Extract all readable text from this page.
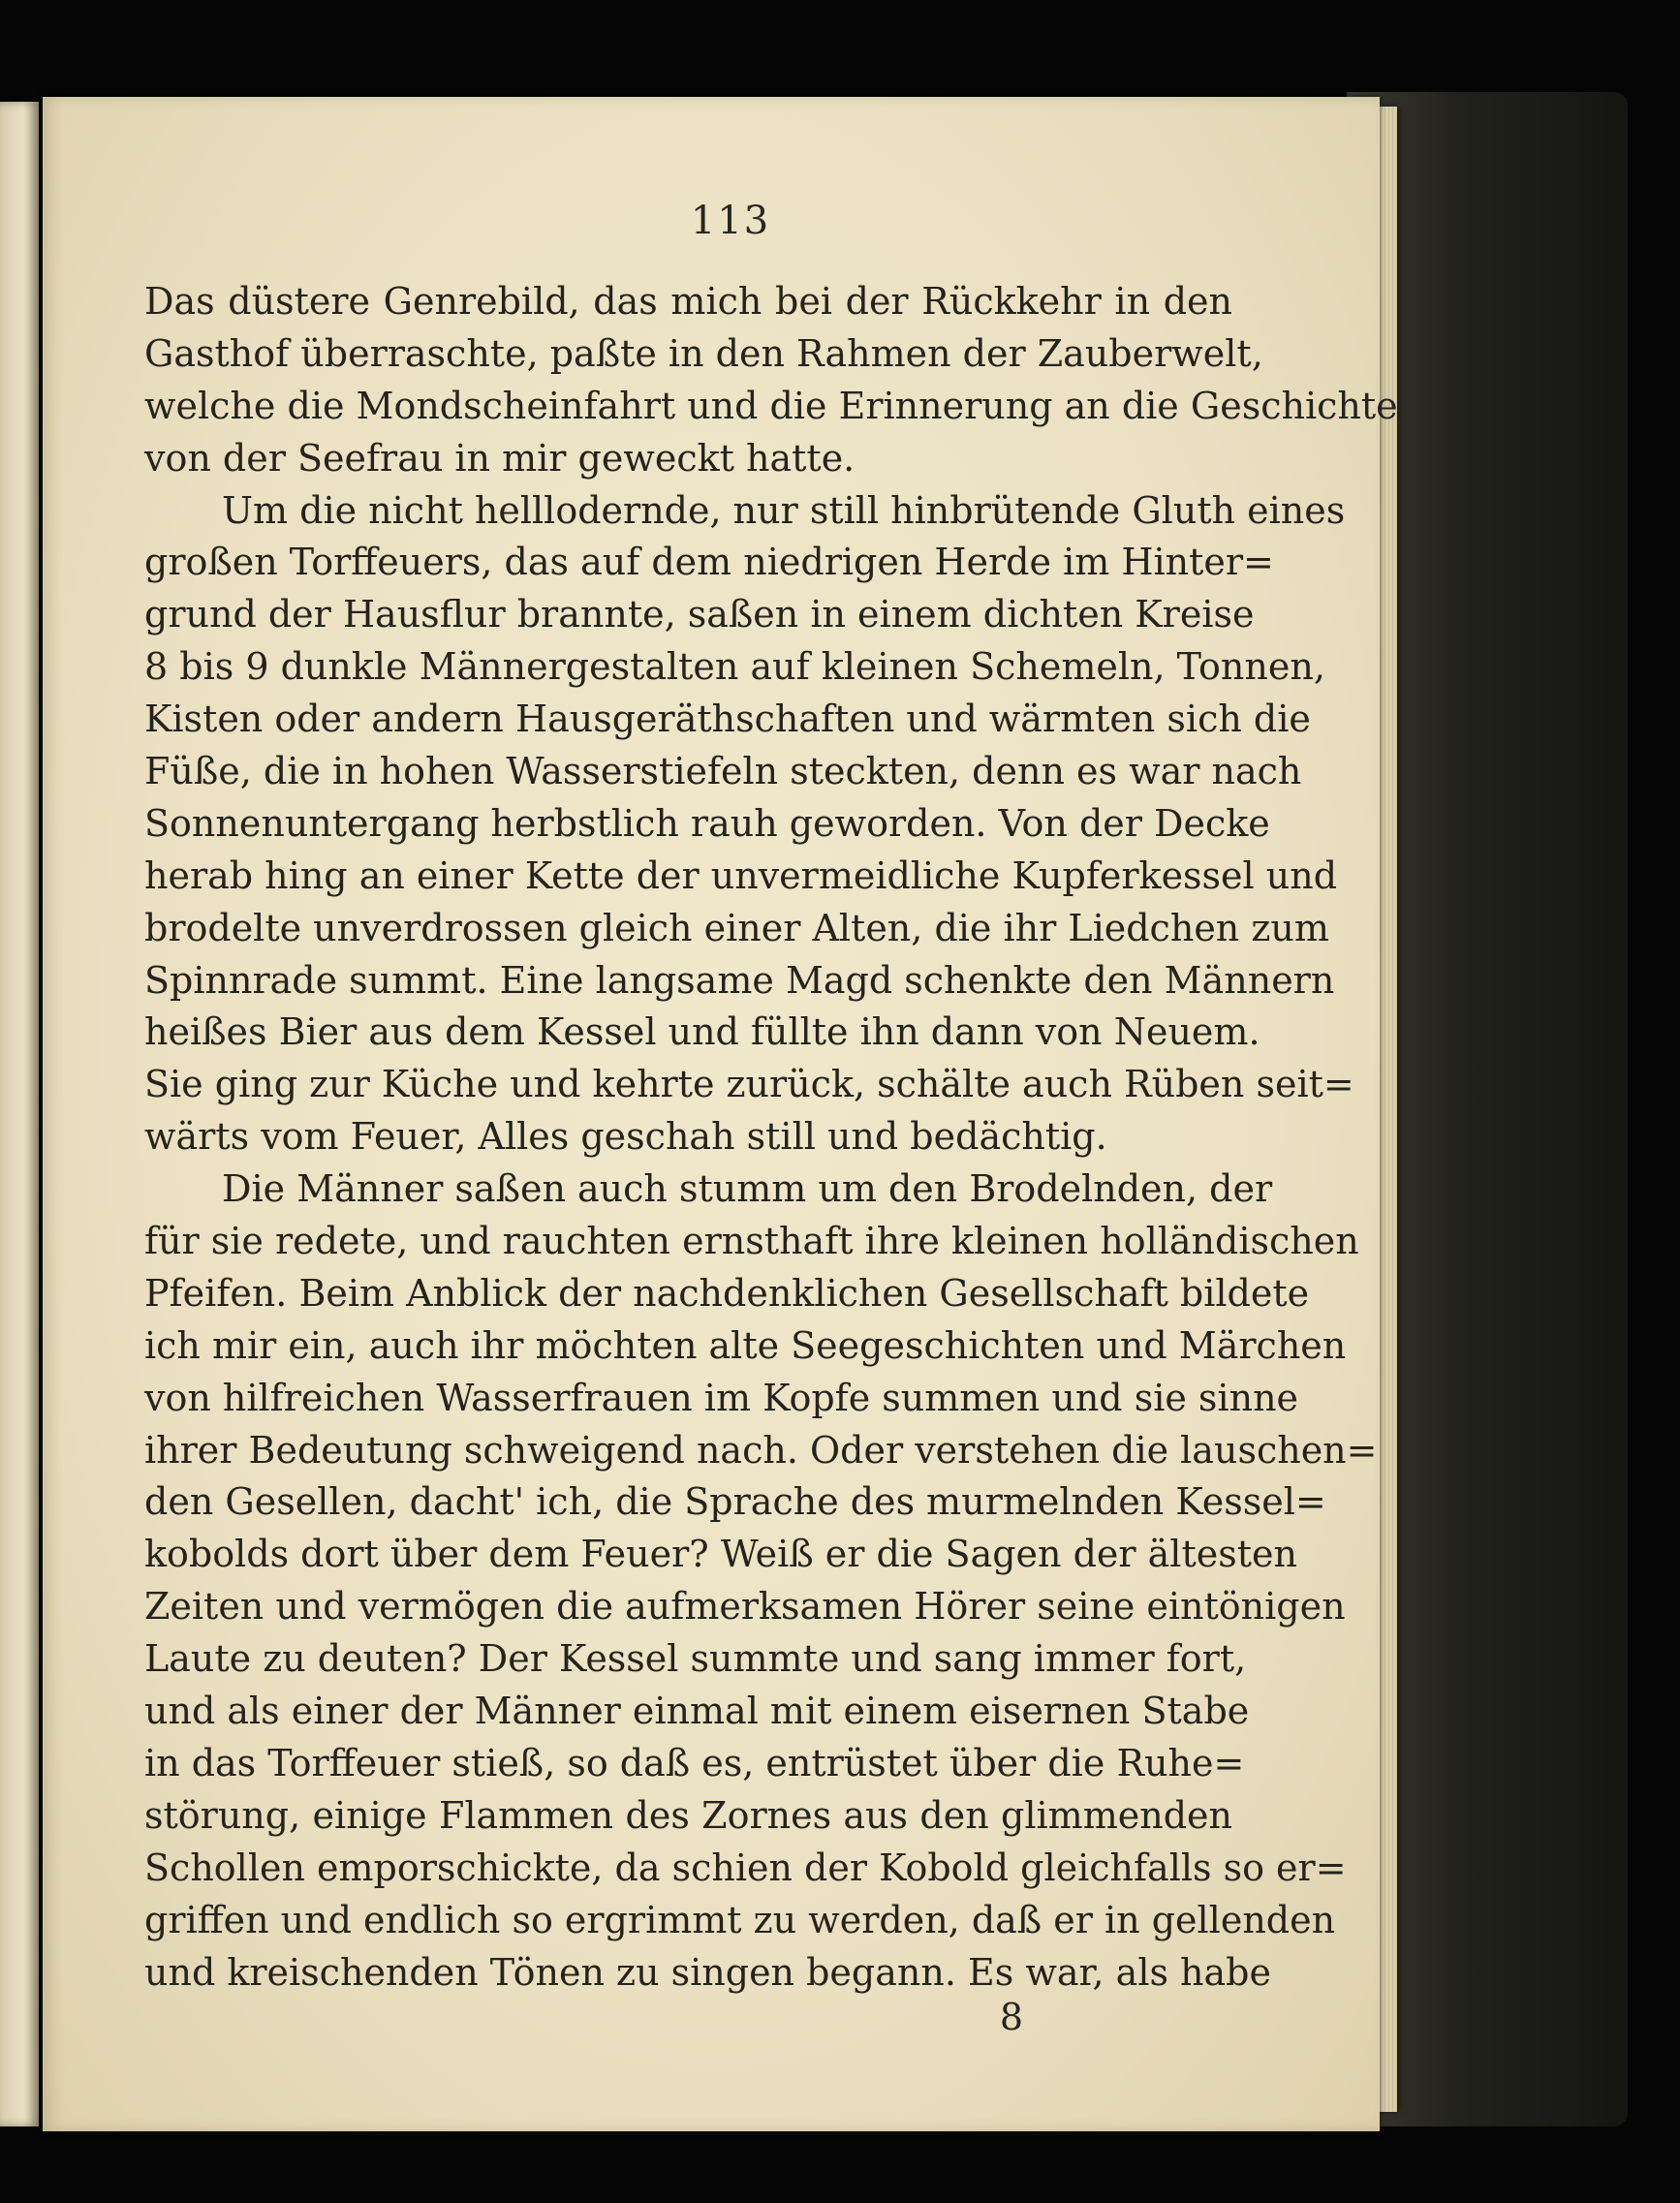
113
Das düstere Genrebild, das mich bei der Rückkehr in den
Gasthof überraschte, paßte in den Rahmen der Zauberwelt,
welche die Mondscheinfahrt und die Erinnerung an die Geschichte
von der Seefrau in mir geweckt hatte.
Um die nicht helllodernde, nur still hinbrütende Gluth eines
großen Torffeuers, das auf dem niedrigen Herde im Hinter=
grund der Hausflur brannte, saßen in einem dichten Kreise
8 bis 9 dunkle Männergestalten auf kleinen Schemeln, Tonnen,
Kisten oder andern Hausgeräthschaften und wärmten sich die
Füße, die in hohen Wasserstiefeln steckten, denn es war nach
Sonnenuntergang herbstlich rauh geworden. Von der Decke
herab hing an einer Kette der unvermeidliche Kupferkessel und
brodelte unverdrossen gleich einer Alten, die ihr Liedchen zum
Spinnrade summt. Eine langsame Magd schenkte den Männern
heißes Bier aus dem Kessel und füllte ihn dann von Neuem.
Sie ging zur Küche und kehrte zurück, schälte auch Rüben seit=
wärts vom Feuer, Alles geschah still und bedächtig.
Die Männer saßen auch stumm um den Brodelnden, der
für sie redete, und rauchten ernsthaft ihre kleinen holländischen
Pfeifen. Beim Anblick der nachdenklichen Gesellschaft bildete
ich mir ein, auch ihr möchten alte Seegeschichten und Märchen
von hilfreichen Wasserfrauen im Kopfe summen und sie sinne
ihrer Bedeutung schweigend nach. Oder verstehen die lauschen=
den Gesellen, dacht' ich, die Sprache des murmelnden Kessel=
kobolds dort über dem Feuer? Weiß er die Sagen der ältesten
Zeiten und vermögen die aufmerksamen Hörer seine eintönigen
Laute zu deuten? Der Kessel summte und sang immer fort,
und als einer der Männer einmal mit einem eisernen Stabe
in das Torffeuer stieß, so daß es, entrüstet über die Ruhe=
störung, einige Flammen des Zornes aus den glimmenden
Schollen emporschickte, da schien der Kobold gleichfalls so er=
griffen und endlich so ergrimmt zu werden, daß er in gellenden
und kreischenden Tönen zu singen begann. Es war, als habe
8
